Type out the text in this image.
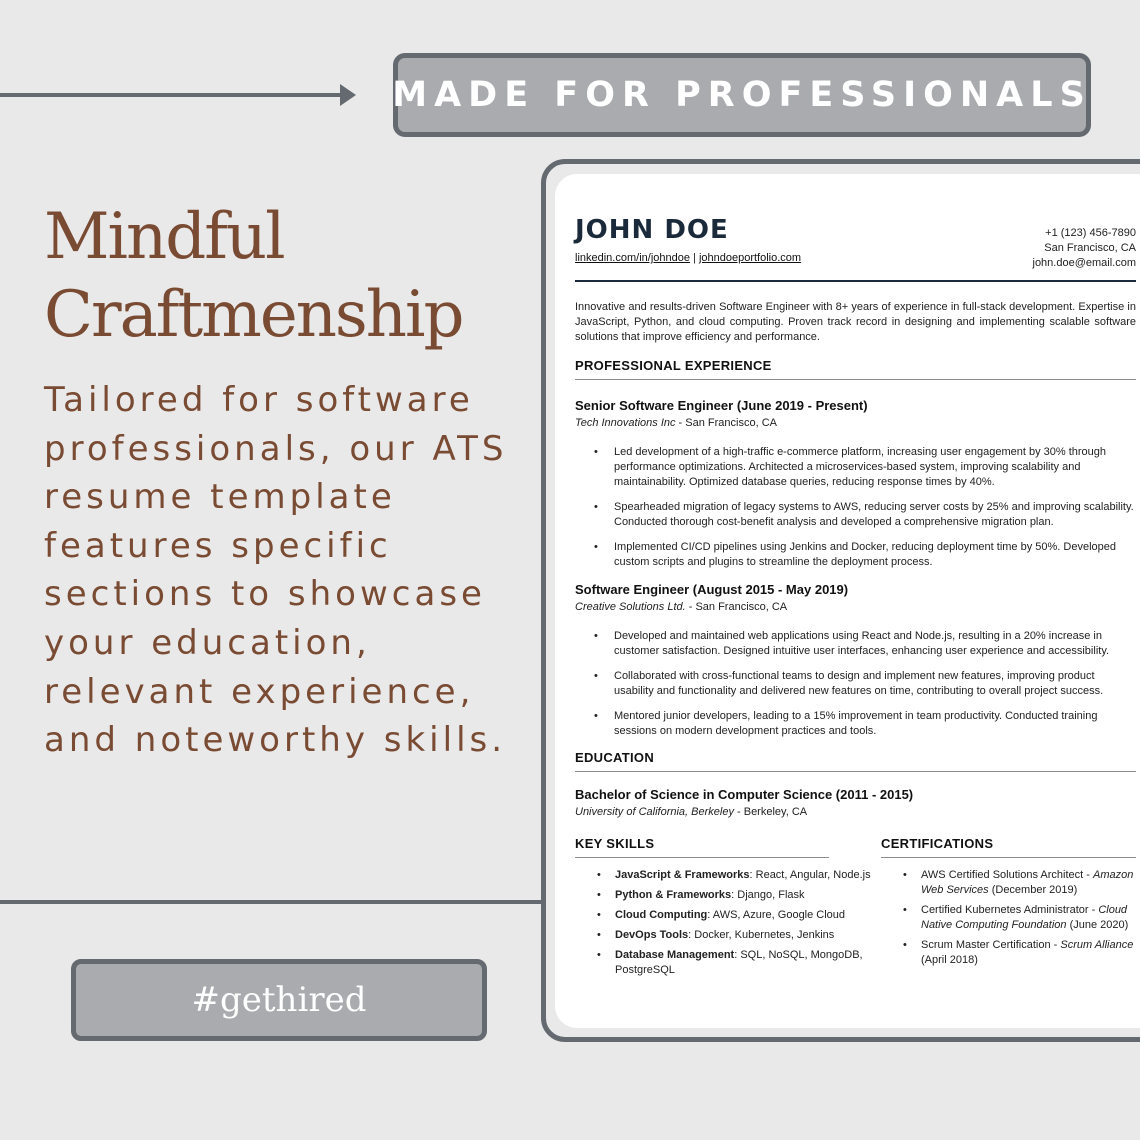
MADE FOR PROFESSIONALS
Mindful
Craftmenship

Tailored for software professionals, our ATS resume template features specific sections to showcase your education, relevant experience, and noteworthy skills.

#gethired
JOHN DOE
linkedin.com/in/johndoe | johndoeportfolio.com
+1 (123) 456-7890
San Francisco, CA
john.doe@email.com

Innovative and results-driven Software Engineer with 8+ years of experience in full-stack development. Expertise in JavaScript, Python, and cloud computing. Proven track record in designing and implementing scalable software solutions that improve efficiency and performance.

PROFESSIONAL EXPERIENCE
Senior Software Engineer (June 2019 - Present)
Tech Innovations Inc - San Francisco, CA
• Led development of a high-traffic e-commerce platform, increasing user engagement by 30% through performance optimizations. Architected a microservices-based system, improving scalability and maintainability. Optimized database queries, reducing response times by 40%.
• Spearheaded migration of legacy systems to AWS, reducing server costs by 25% and improving scalability. Conducted thorough cost-benefit analysis and developed a comprehensive migration plan.
• Implemented CI/CD pipelines using Jenkins and Docker, reducing deployment time by 50%. Developed custom scripts and plugins to streamline the deployment process.
Software Engineer (August 2015 - May 2019)
Creative Solutions Ltd. - San Francisco, CA
• Developed and maintained web applications using React and Node.js, resulting in a 20% increase in customer satisfaction. Designed intuitive user interfaces, enhancing user experience and accessibility.
• Collaborated with cross-functional teams to design and implement new features, improving product usability and functionality and delivered new features on time, contributing to overall project success.
• Mentored junior developers, leading to a 15% improvement in team productivity. Conducted training sessions on modern development practices and tools.
EDUCATION
Bachelor of Science in Computer Science (2011 - 2015)
University of California, Berkeley - Berkeley, CA
KEY SKILLS	CERTIFICATIONS
• JavaScript & Frameworks: React, Angular, Node.js
• Python & Frameworks: Django, Flask
• Cloud Computing: AWS, Azure, Google Cloud
• DevOps Tools: Docker, Kubernetes, Jenkins
• Database Management: SQL, NoSQL, MongoDB, PostgreSQL
• AWS Certified Solutions Architect - Amazon Web Services (December 2019)
• Certified Kubernetes Administrator - Cloud Native Computing Foundation (June 2020)
• Scrum Master Certification - Scrum Alliance (April 2018)
